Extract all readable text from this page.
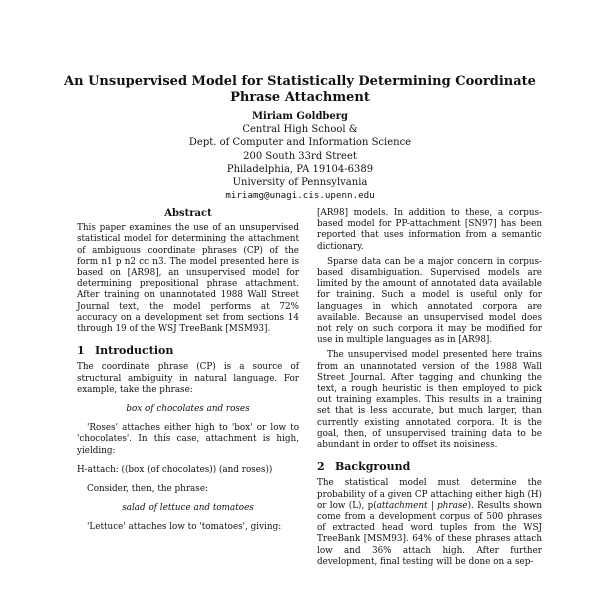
An Unsupervised Model for Statistically Determining Coordinate
Phrase Attachment
Miriam Goldberg
Central High School &
Dept. of Computer and Information Science
200 South 33rd Street
Philadelphia, PA 19104-6389
University of Pennsylvania
miriamg@unagi.cis.upenn.edu
Abstract

This paper examines the use of an unsupervised statistical model for determining the attachment of ambiguous coordinate phrases (CP) of the form n1 p n2 cc n3. The model presented here is based on [AR98], an unsupervised model for determining prepositional phrase attachment. After training on unannotated 1988 Wall Street Journal text, the model performs at 72% accuracy on a development set from sections 14 through 19 of the WSJ TreeBank [MSM93].

1 Introduction

The coordinate phrase (CP) is a source of structural ambiguity in natural language. For example, take the phrase:

box of chocolates and roses

'Roses' attaches either high to 'box' or low to 'chocolates'. In this case, attachment is high, yielding:

H-attach: ((box (of chocolates)) (and roses))

Consider, then, the phrase:

salad of lettuce and tomatoes

'Lettuce' attaches low to 'tomatoes', giving:

[AR98] models. In addition to these, a corpus-based model for PP-attachment [SN97] has been reported that uses information from a semantic dictionary.

Sparse data can be a major concern in corpus-based disambiguation. Supervised models are limited by the amount of annotated data available for training. Such a model is useful only for languages in which annotated corpora are available. Because an unsupervised model does not rely on such corpora it may be modified for use in multiple languages as in [AR98].

The unsupervised model presented here trains from an unannotated version of the 1988 Wall Street Journal. After tagging and chunking the text, a rough heuristic is then employed to pick out training examples. This results in a training set that is less accurate, but much larger, than currently existing annotated corpora. It is the goal, then, of unsupervised training data to be abundant in order to offset its noisiness.

2 Background

The statistical model must determine the probability of a given CP attaching either high (H) or low (L), p(attachment | phrase). Results shown come from a development corpus of 500 phrases of extracted head word tuples from the WSJ TreeBank [MSM93]. 64% of these phrases attach low and 36% attach high. After further development, final testing will be done on a sep-
